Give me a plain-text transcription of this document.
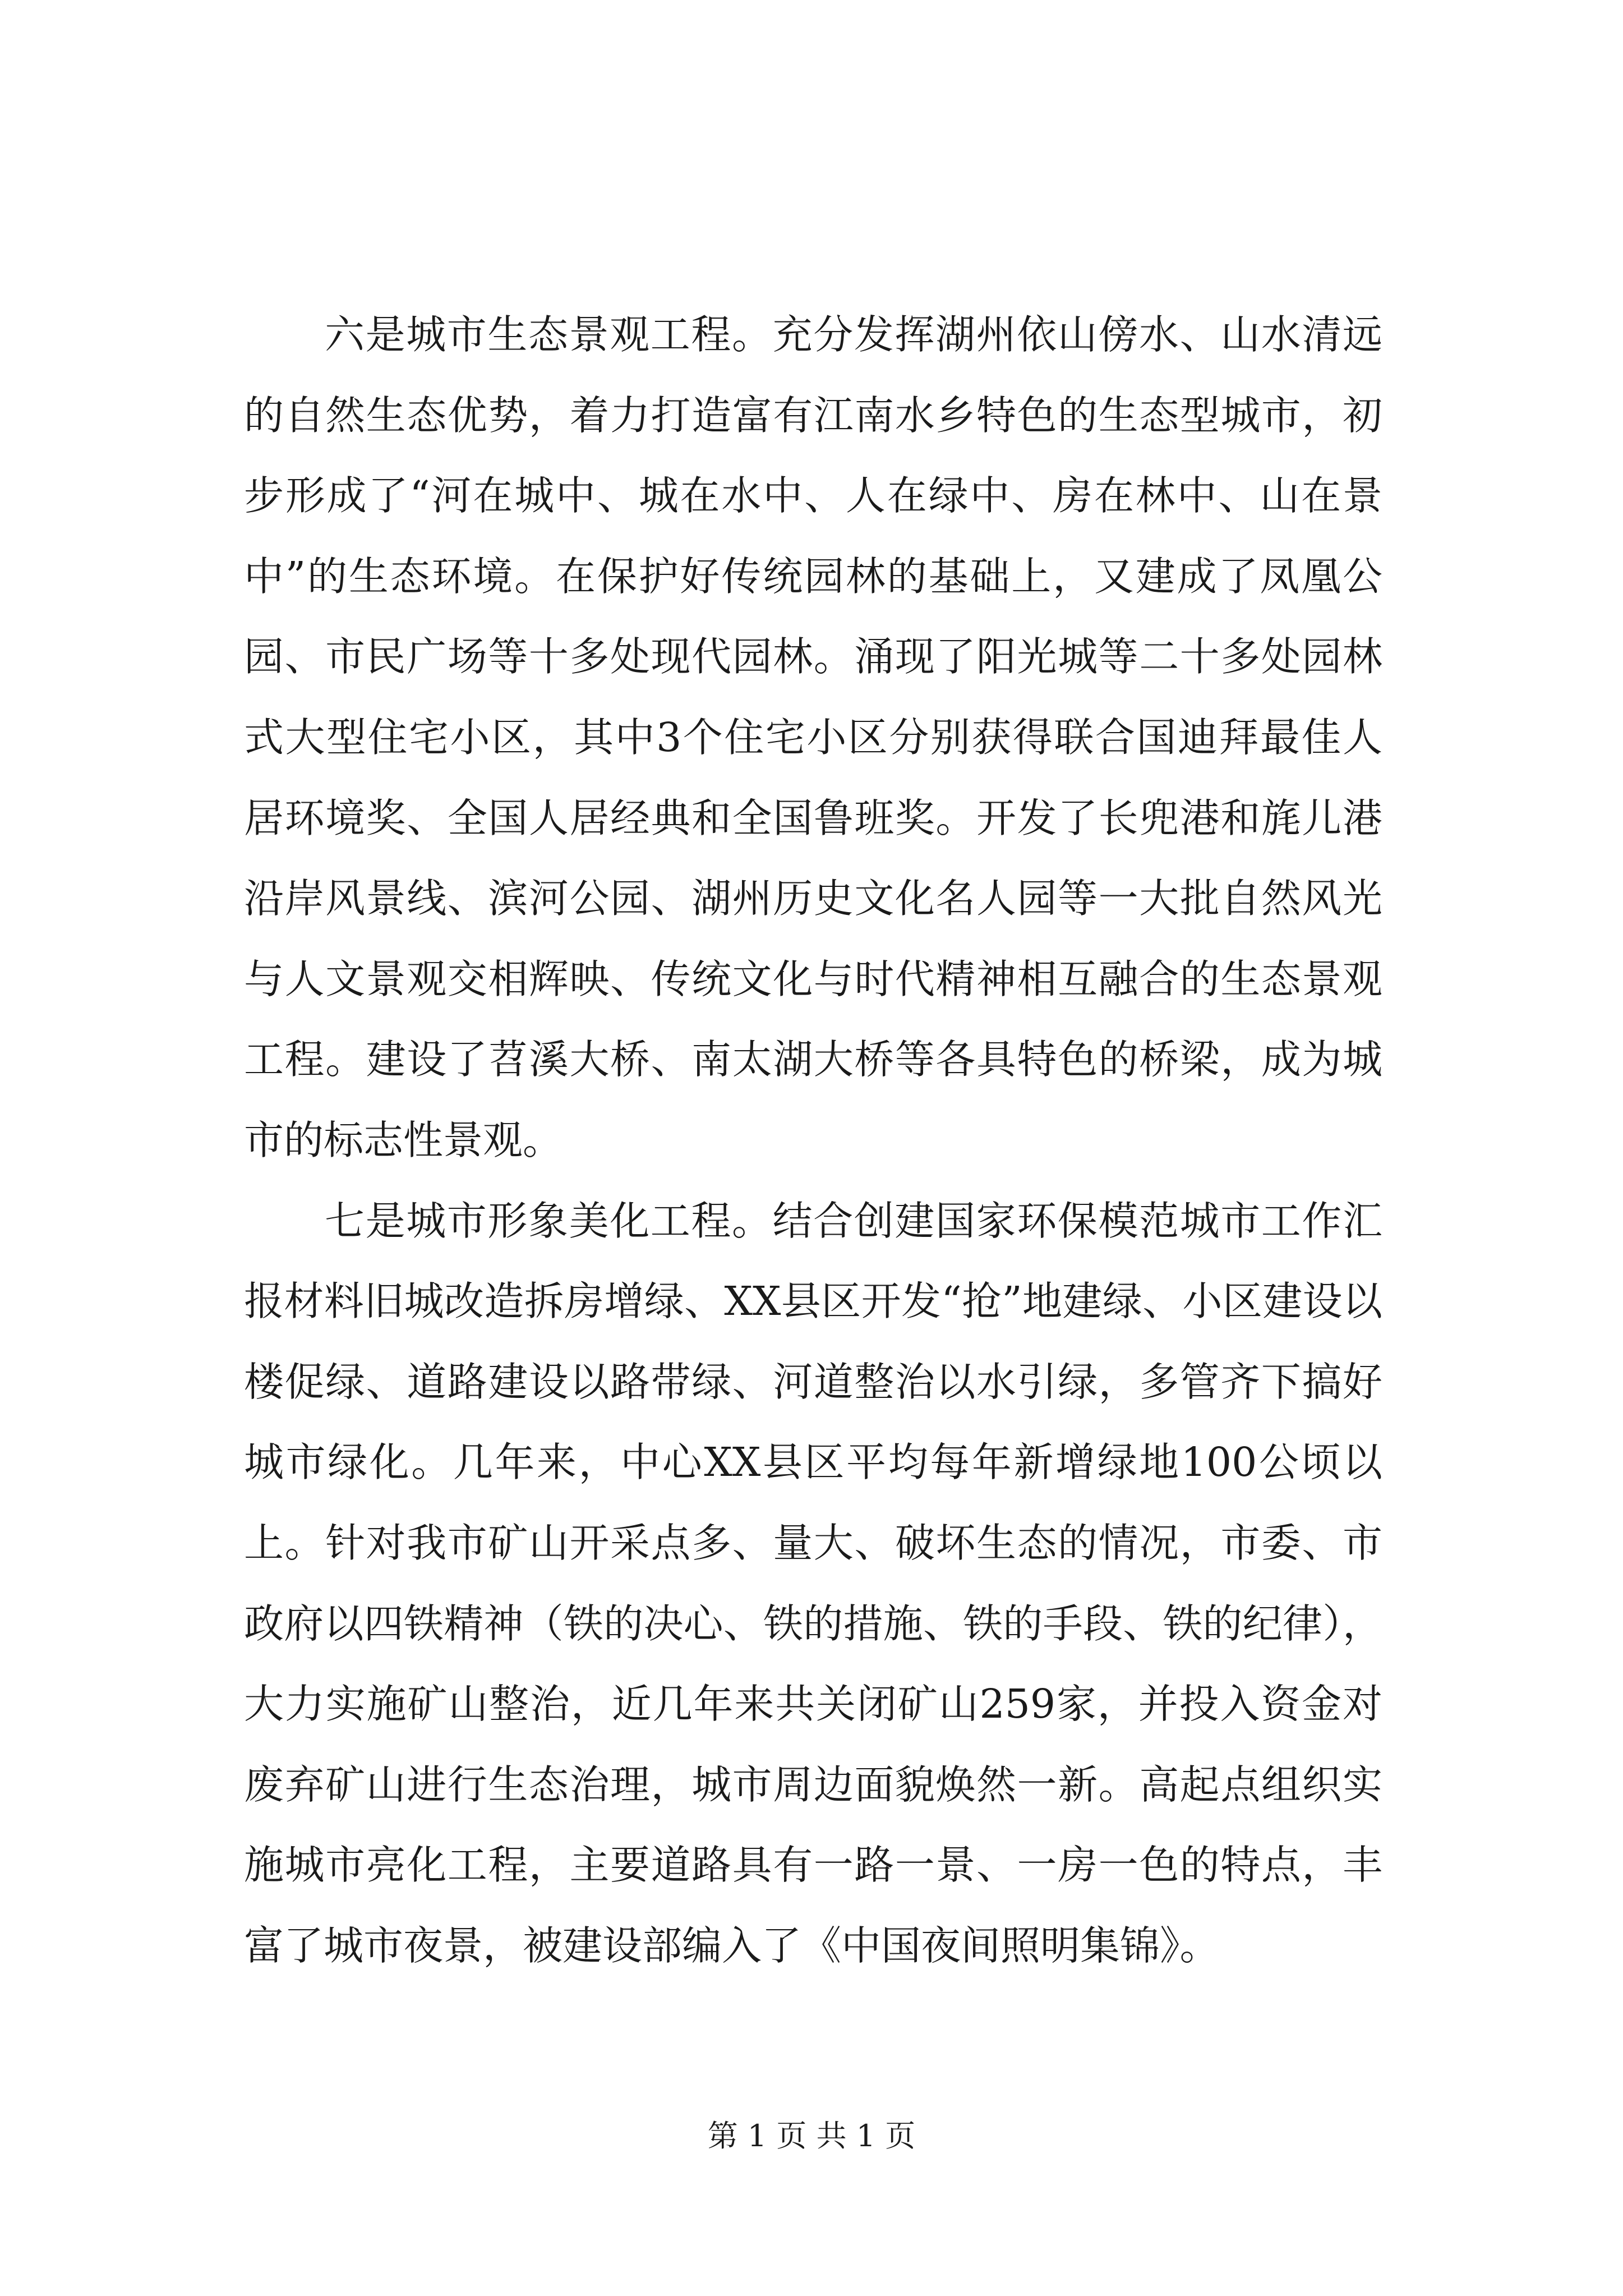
六是城市生态景观工程。充分发挥湖州依山傍水、山水清远的自然生态优势，着力打造富有江南水乡特色的生态型城市，初步形成了“河在城中、城在水中、人在绿中、房在林中、山在景中”的生态环境。在保护好传统园林的基础上，又建成了凤凰公园、市民广场等十多处现代园林。涌现了阳光城等二十多处园林式大型住宅小区，其中3个住宅小区分别获得联合国迪拜最佳人居环境奖、全国人居经典和全国鲁班奖。开发了长兜港和旄儿港沿岸风景线、滨河公园、湖州历史文化名人园等一大批自然风光与人文景观交相辉映、传统文化与时代精神相互融合的生态景观工程。建设了苕溪大桥、南太湖大桥等各具特色的桥梁，成为城市的标志性景观。

七是城市形象美化工程。结合创建国家环保模范城市工作汇报材料旧城改造拆房增绿、XX县区开发“抢”地建绿、小区建设以楼促绿、道路建设以路带绿、河道整治以水引绿，多管齐下搞好城市绿化。几年来，中心XX县区平均每年新增绿地100公顷以上。针对我市矿山开采点多、量大、破坏生态的情况，市委、市政府以四铁精神（铁的决心、铁的措施、铁的手段、铁的纪律），大力实施矿山整治，近几年来共关闭矿山259家，并投入资金对废弃矿山进行生态治理，城市周边面貌焕然一新。高起点组织实施城市亮化工程，主要道路具有一路一景、一房一色的特点，丰富了城市夜景，被建设部编入了《中国夜间照明集锦》。

第 1 页 共 1 页
